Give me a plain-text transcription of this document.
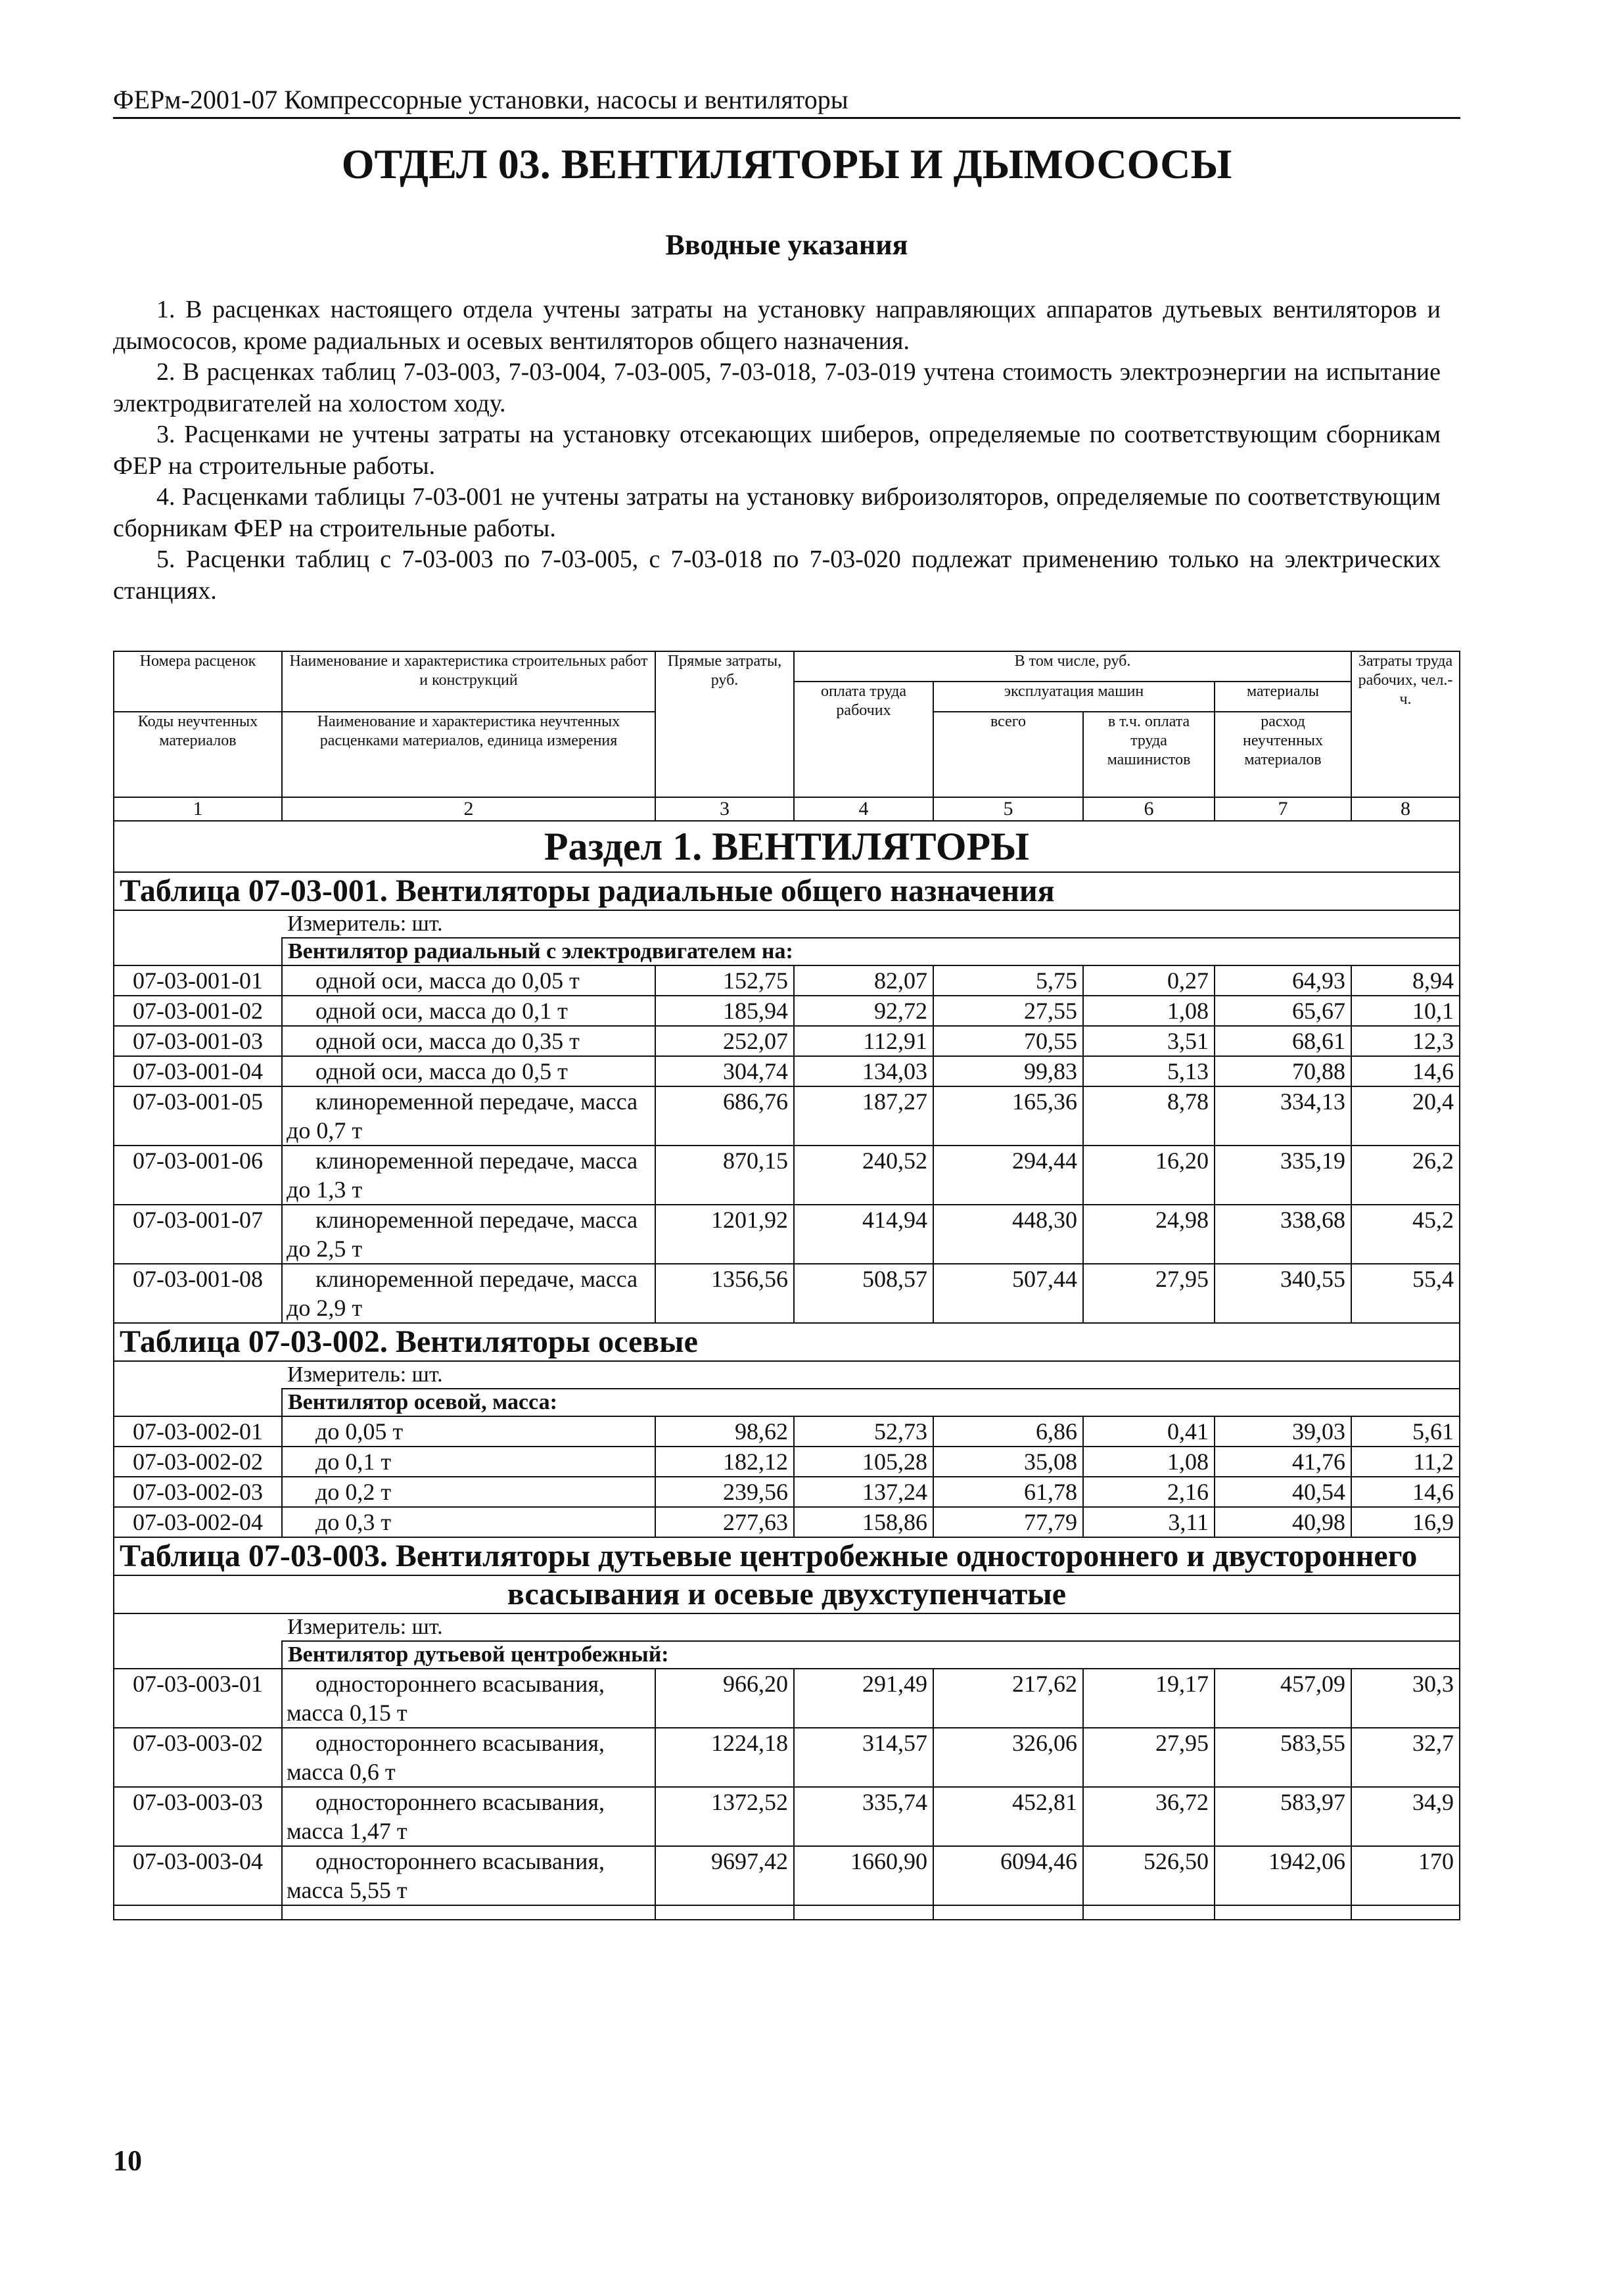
ФЕРм-2001-07 Компрессорные установки, насосы и вентиляторы
ОТДЕЛ 03. ВЕНТИЛЯТОРЫ И ДЫМОСОСЫ
Вводные указания

1. В расценках настоящего отдела учтены затраты на установку направляющих аппаратов дутьевых вентиляторов и дымососов, кроме радиальных и осевых вентиляторов общего назначения.

2. В расценках таблиц 7-03-003, 7-03-004, 7-03-005, 7-03-018, 7-03-019 учтена стоимость электроэнергии на испытание электродвигателей на холостом ходу.

3. Расценками не учтены затраты на установку отсекающих шиберов, определяемые по соответствующим сборникам ФЕР на строительные работы.

4. Расценками таблицы 7-03-001 не учтены затраты на установку виброизоляторов, определяемые по соответствующим сборникам ФЕР на строительные работы.

5. Расценки таблиц с 7-03-003 по 7-03-005, с 7-03-018 по 7-03-020 подлежат применению только на электрических станциях.

Номера расценок	Наименование и характеристика строительных работ и конструкций	Прямые затраты, руб.	В том числе, руб.				Затраты труда рабочих, чел.-ч.
			оплата труда рабочих	эксплуатация машин		материалы	
Коды неучтенных материалов	Наименование и характеристика неучтенных расценками материалов, единица измерения			всего	в т.ч. оплата труда машинистов	расход неучтенных материалов	

1	2	3	4	5	6	7	8
Раздел 1. ВЕНТИЛЯТОРЫ							
Таблица 07-03-001. Вентиляторы радиальные общего назначения							
	Измеритель: шт.						
	Вентилятор радиальный с электродвигателем на:						
07-03-001-01	одной оси, масса до 0,05 т	152,75	82,07	5,75	0,27	64,93	8,94
07-03-001-02	одной оси, масса до 0,1 т	185,94	92,72	27,55	1,08	65,67	10,1
07-03-001-03	одной оси, масса до 0,35 т	252,07	112,91	70,55	3,51	68,61	12,3
07-03-001-04	одной оси, масса до 0,5 т	304,74	134,03	99,83	5,13	70,88	14,6
07-03-001-05	клиноременной передаче, масса до 0,7 т	686,76	187,27	165,36	8,78	334,13	20,4
07-03-001-06	клиноременной передаче, масса до 1,3 т	870,15	240,52	294,44	16,20	335,19	26,2
07-03-001-07	клиноременной передаче, масса до 2,5 т	1201,92	414,94	448,30	24,98	338,68	45,2
07-03-001-08	клиноременной передаче, масса до 2,9 т	1356,56	508,57	507,44	27,95	340,55	55,4
Таблица 07-03-002. Вентиляторы осевые							
	Измеритель: шт.						
	Вентилятор осевой, масса:						
07-03-002-01	до 0,05 т	98,62	52,73	6,86	0,41	39,03	5,61
07-03-002-02	до 0,1 т	182,12	105,28	35,08	1,08	41,76	11,2
07-03-002-03	до 0,2 т	239,56	137,24	61,78	2,16	40,54	14,6
07-03-002-04	до 0,3 т	277,63	158,86	77,79	3,11	40,98	16,9
Таблица 07-03-003. Вентиляторы дутьевые центробежные одностороннего и двустороннего							
всасывания и осевые двухступенчатые							
	Измеритель: шт.						
	Вентилятор дутьевой центробежный:						
07-03-003-01	одностороннего всасывания, масса 0,15 т	966,20	291,49	217,62	19,17	457,09	30,3
07-03-003-02	одностороннего всасывания, масса 0,6 т	1224,18	314,57	326,06	27,95	583,55	32,7
07-03-003-03	одностороннего всасывания, масса 1,47 т	1372,52	335,74	452,81	36,72	583,97	34,9
07-03-003-04	одностороннего всасывания, масса 5,55 т	9697,42	1660,90	6094,46	526,50	1942,06	170

10
